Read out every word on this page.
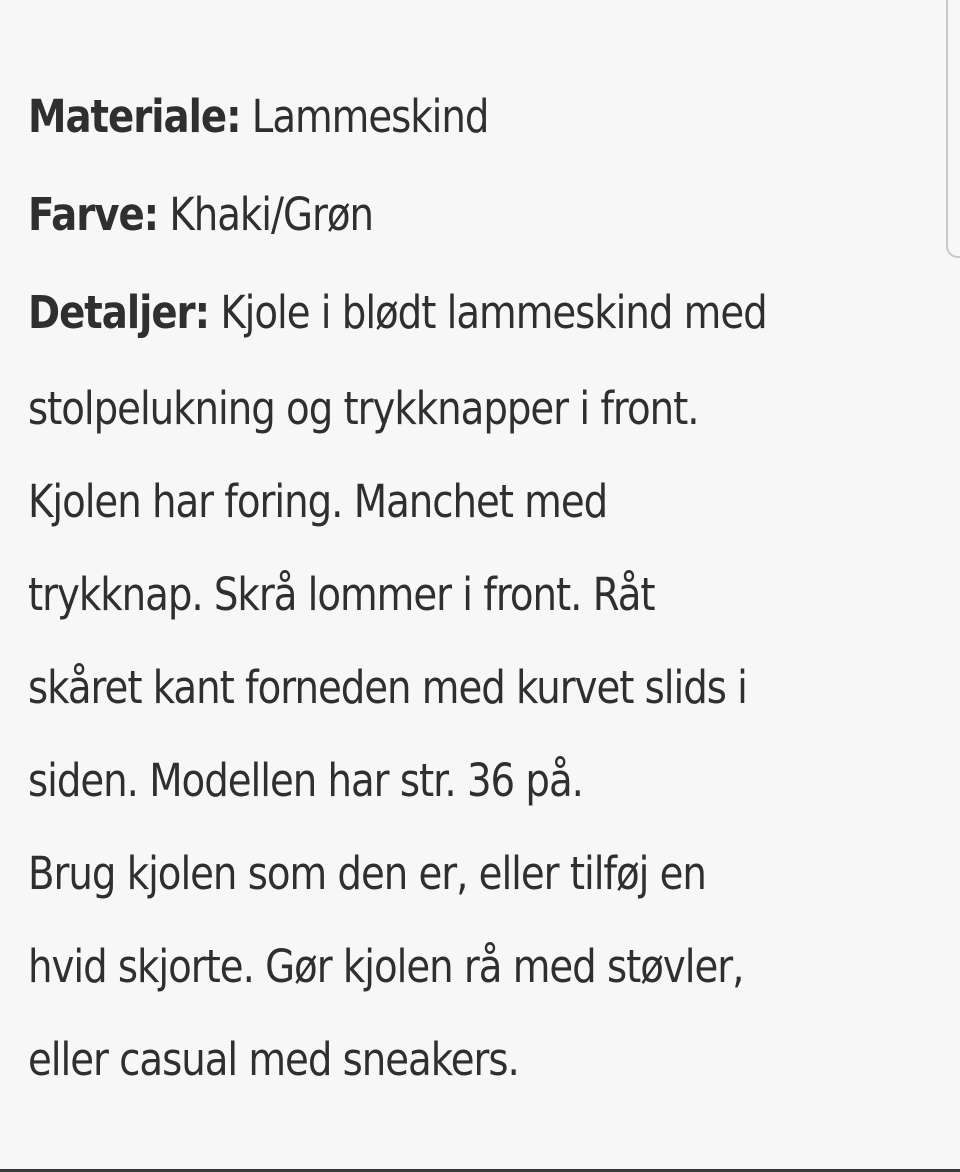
Materiale: Lammeskind
Farve: Khaki/Grøn
Detaljer: Kjole i blødt lammeskind med
stolpelukning og trykknapper i front.
Kjolen har foring. Manchet med
trykknap. Skrå lommer i front. Råt
skåret kant forneden med kurvet slids i
siden. Modellen har str. 36 på.
Brug kjolen som den er, eller tilføj en
hvid skjorte. Gør kjolen rå med støvler,
eller casual med sneakers.
